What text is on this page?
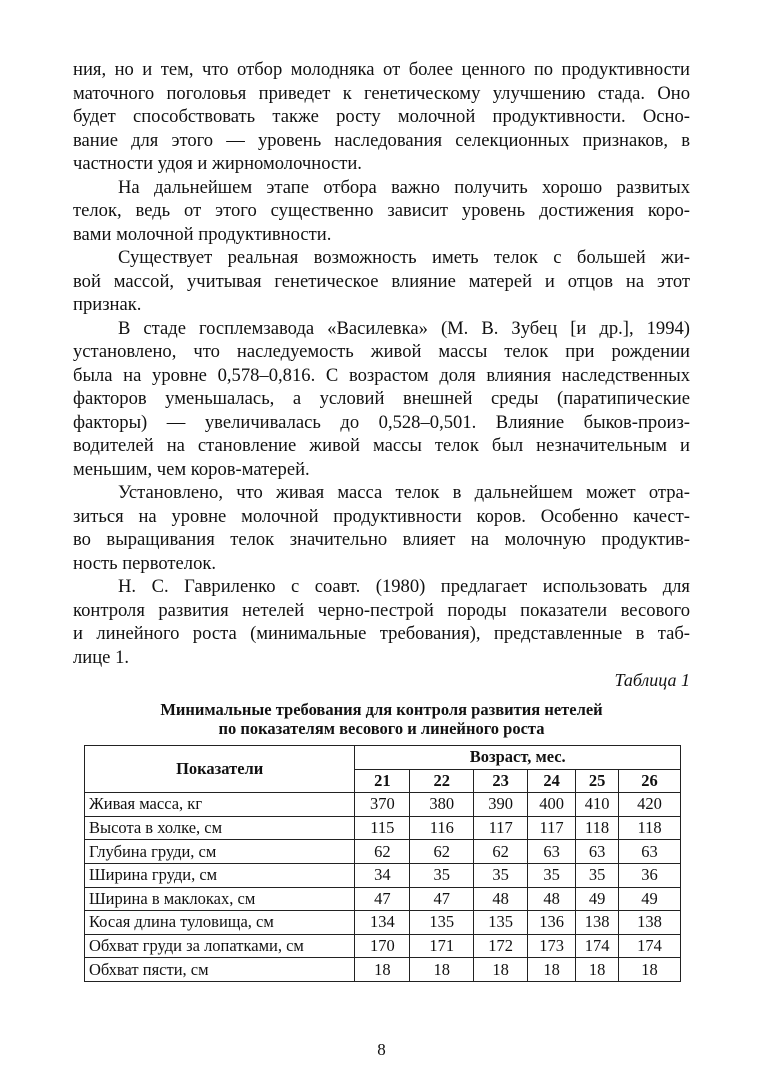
ния, но и тем, что отбор молодняка от более ценного по продуктивности
маточного поголовья приведет к генетическому улучшению стада. Оно
будет способствовать также росту молочной продуктивности. Осно-
вание для этого — уровень наследования селекционных признаков, в
частности удоя и жирномолочности.
На дальнейшем этапе отбора важно получить хорошо развитых
телок, ведь от этого существенно зависит уровень достижения коро-
вами молочной продуктивности.
Существует реальная возможность иметь телок с большей жи-
вой массой, учитывая генетическое влияние матерей и отцов на этот
признак.
В стаде госплемзавода «Василевка» (М. В. Зубец [и др.], 1994)
установлено, что наследуемость живой массы телок при рождении
была на уровне 0,578–0,816. С возрастом доля влияния наследственных
факторов уменьшалась, а условий внешней среды (паратипические
факторы) — увеличивалась до 0,528–0,501. Влияние быков-произ-
водителей на становление живой массы телок был незначительным и
меньшим, чем коров-матерей.
Установлено, что живая масса телок в дальнейшем может отра-
зиться на уровне молочной продуктивности коров. Особенно качест-
во выращивания телок значительно влияет на молочную продуктив-
ность первотелок.
Н. С. Гавриленко с соавт. (1980) предлагает использовать для
контроля развития нетелей черно-пестрой породы показатели весового
и линейного роста (минимальные требования), представленные в таб-
лице 1.
Таблица 1
Минимальные требования для контроля развития нетелей
по показателям весового и линейного роста
Показатели	Возраст, мес.					
	21	22	23	24	25	26
Живая масса, кг	370	380	390	400	410	420
Высота в холке, см	115	116	117	117	118	118
Глубина груди, см	62	62	62	63	63	63
Ширина груди, см	34	35	35	35	35	36
Ширина в маклоках, см	47	47	48	48	49	49
Косая длина туловища, см	134	135	135	136	138	138
Обхват груди за лопатками, см	170	171	172	173	174	174
Обхват пясти, см	18	18	18	18	18	18
8
